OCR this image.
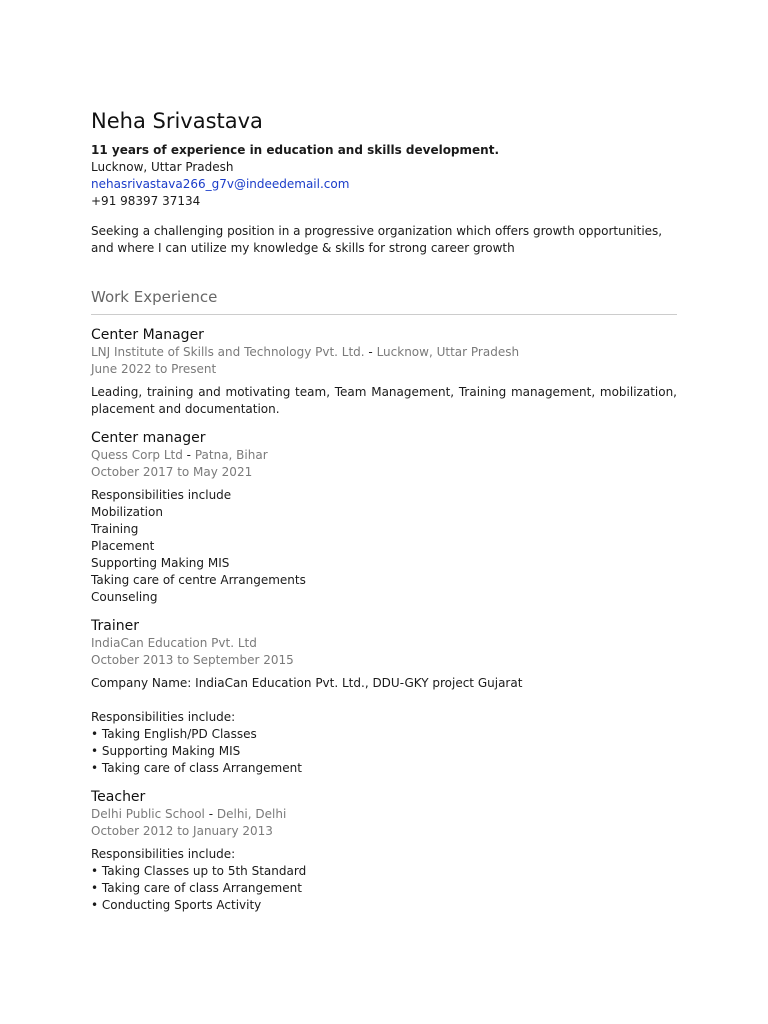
Neha Srivastava

11 years of experience in education and skills development.

Lucknow, Uttar Pradesh

nehasrivastava266_g7v@indeedemail.com

+91 98397 37134

Seeking a challenging position in a progressive organization which offers growth opportunities, and where I can utilize my knowledge & skills for strong career growth

Work Experience
Center Manager

LNJ Institute of Skills and Technology Pvt. Ltd. - Lucknow, Uttar Pradesh

June 2022 to Present

Leading, training and motivating team, Team Management, Training management, mobilization, placement and documentation.
Center manager

Quess Corp Ltd - Patna, Bihar

October 2017 to May 2021

Responsibilities include
Mobilization
Training
Placement
Supporting Making MIS
Taking care of centre Arrangements
Counseling
Trainer

IndiaCan Education Pvt. Ltd

October 2013 to September 2015

Company Name: IndiaCan Education Pvt. Ltd., DDU-GKY project Gujarat
Responsibilities include:
• Taking English/PD Classes
• Supporting Making MIS
• Taking care of class Arrangement
Teacher

Delhi Public School - Delhi, Delhi

October 2012 to January 2013

Responsibilities include:
• Taking Classes up to 5th Standard
• Taking care of class Arrangement
• Conducting Sports Activity
